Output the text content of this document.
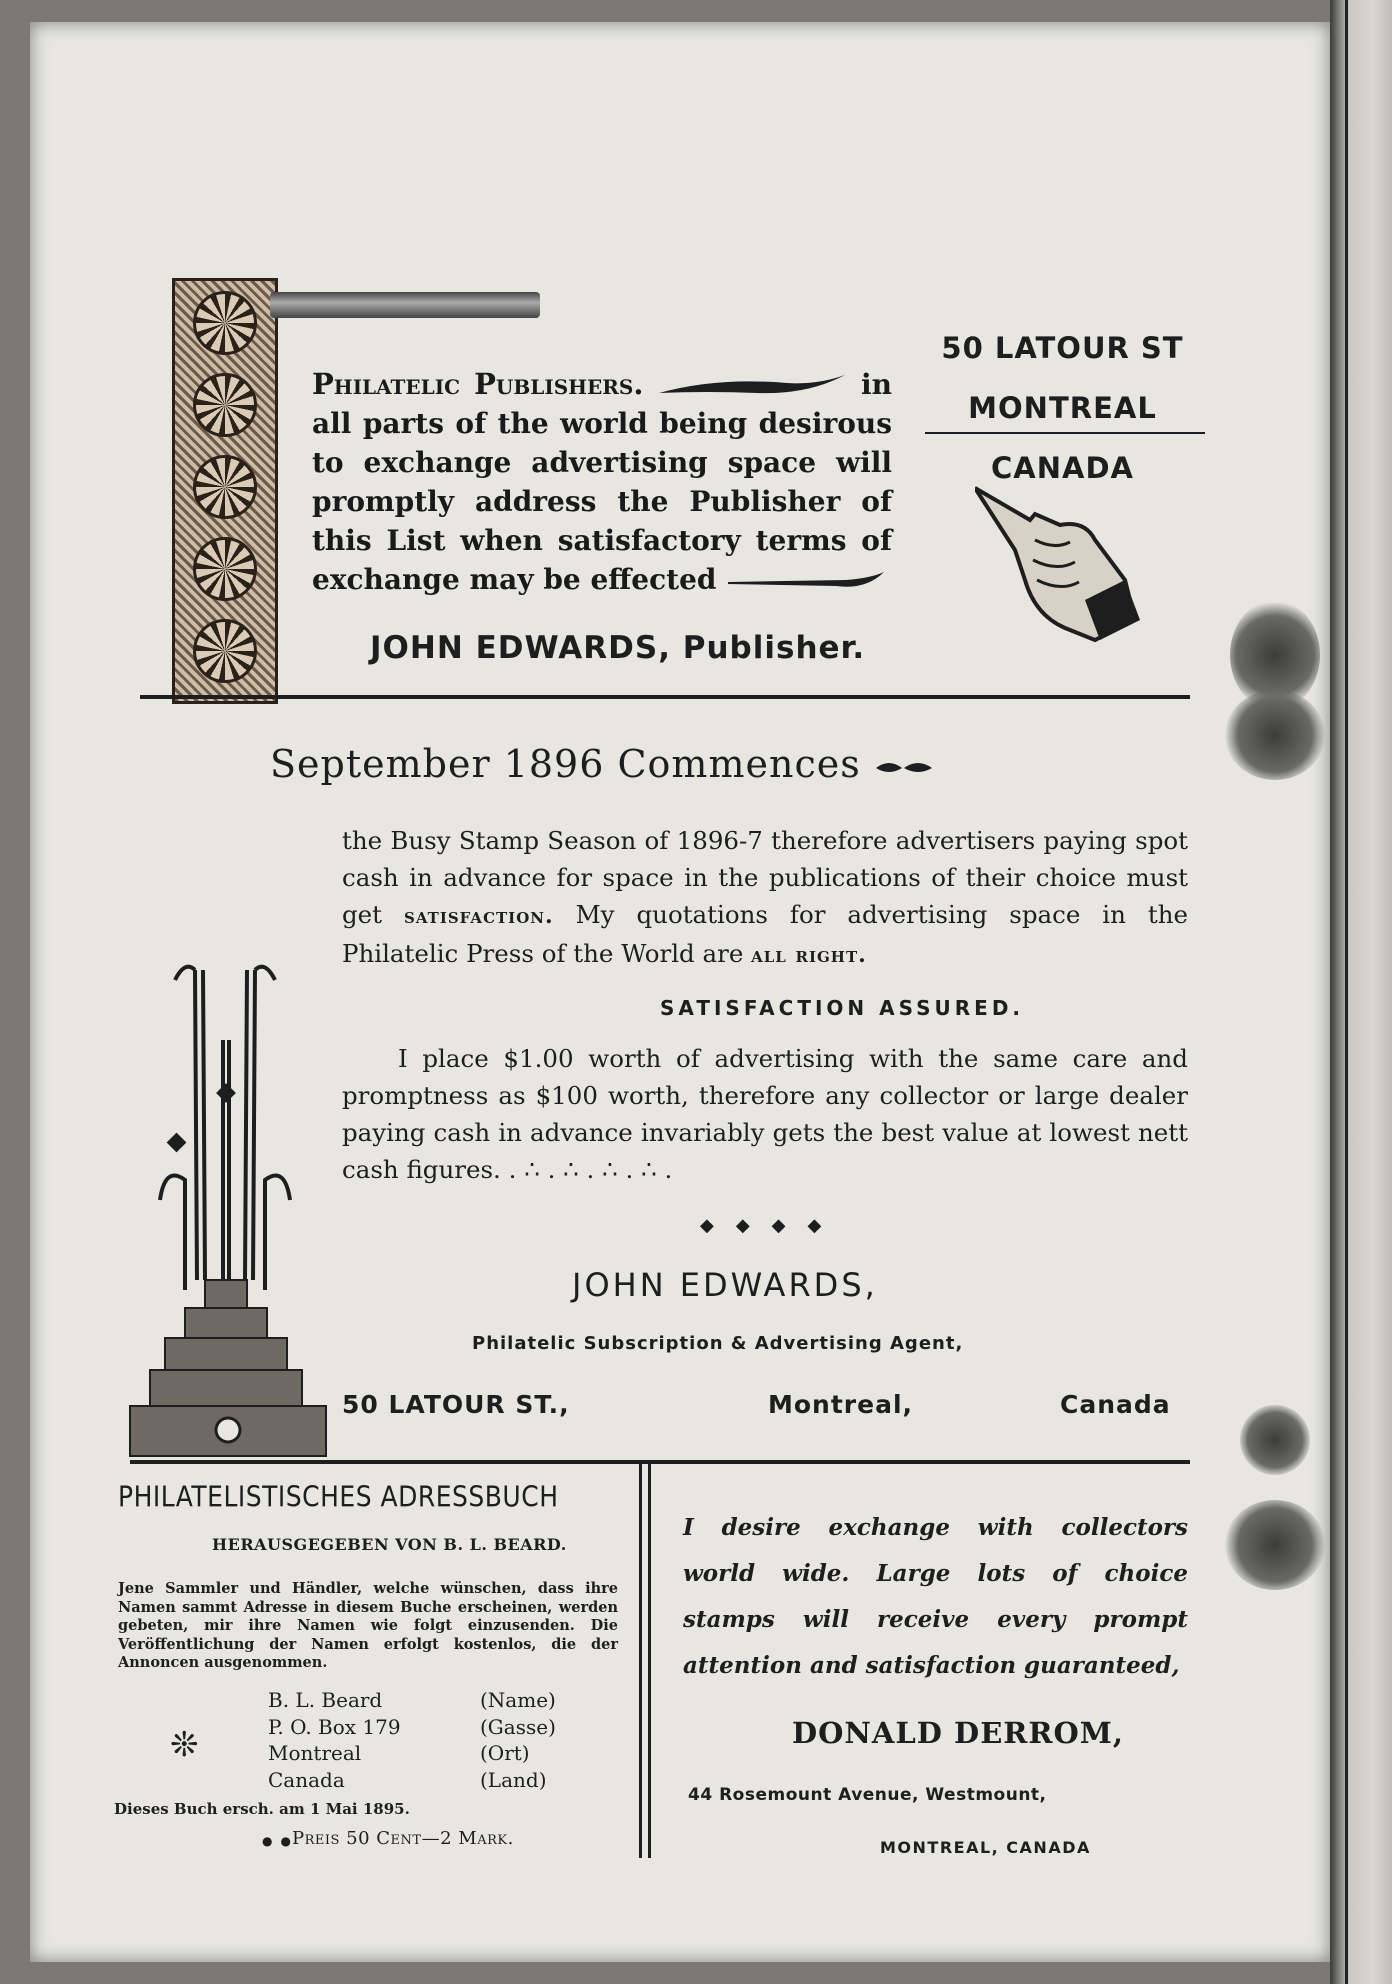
Philatelic Publishers.	in all parts of the world being desirous to exchange advertising space will promptly address the Publisher of this List when satisfactory terms of exchange may be effected
JOHN EDWARDS, Publisher.
50 LATOUR ST
MONTREAL
CANADA
September 1896 Commences
the Busy Stamp Season of 1896-7 therefore advertisers paying spot cash in advance for space in the publications of their choice must get satisfaction. My quotations for advertising space in the Philatelic Press of the World are all right.
SATISFACTION ASSURED.
I place $1.00 worth of advertising with the same care and promptness as $100 worth, therefore any collector or large dealer paying cash in advance invariably gets the best value at lowest nett cash figures. . ∴ . ∴ . ∴ . ∴ .
◆◆◆◆
JOHN EDWARDS,
Philatelic Subscription & Advertising Agent,
50 LATOUR ST.,	Montreal,	Canada
PHILATELISTISCHES ADRESSBUCH
HERAUSGEGEBEN VON B. L. BEARD.
Jene Sammler und Händler, welche wünschen, dass ihre Namen sammt Adresse in diesem Buche erscheinen, werden gebeten, mir ihre Namen wie folgt einzusenden. Die Veröffentlichung der Namen erfolgt kostenlos, die der Annoncen ausgenommen.
❊
B. L. Beard	(Name)
P. O. Box 179	(Gasse)
Montreal	(Ort)
Canada	(Land)
Dieses Buch ersch. am 1 Mai 1895.
●●
Preis 50 Cent—2 Mark.
I desire exchange with collectors world wide. Large lots of choice stamps will receive every prompt attention and satisfaction guaranteed,
DONALD DERROM,
44 Rosemount Avenue, Westmount,
MONTREAL, CANADA
